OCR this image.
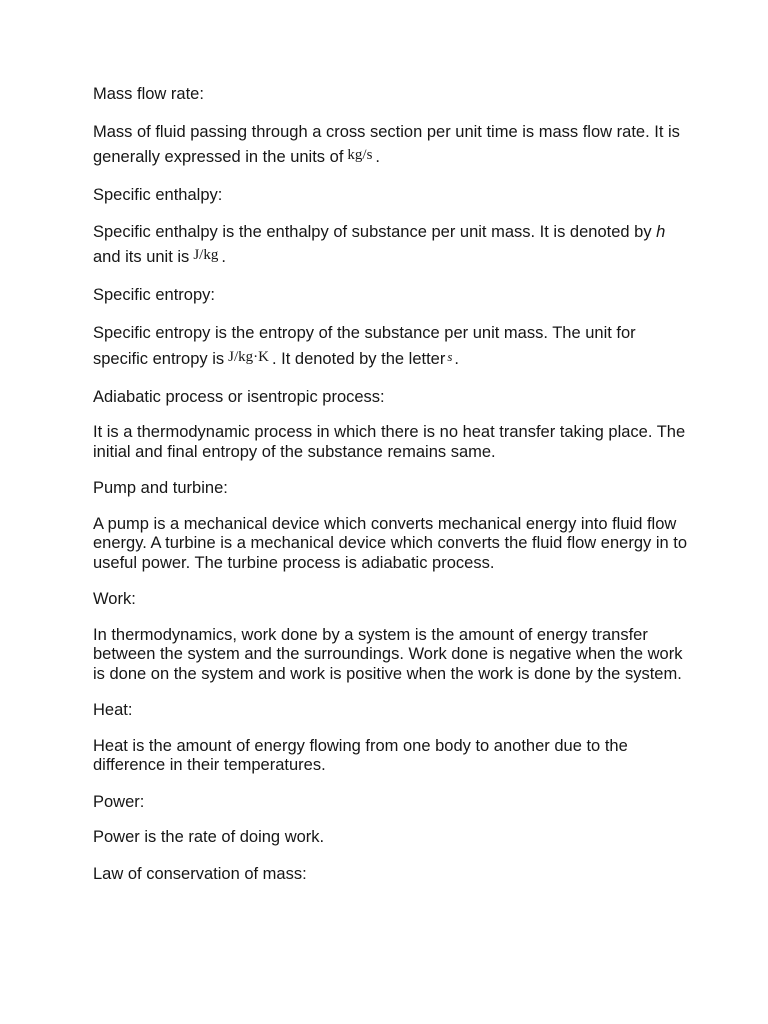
Mass flow rate:

Mass of fluid passing through a cross section per unit time is mass flow rate. It is generally expressed in the units of kg/s .

Specific enthalpy:

Specific enthalpy is the enthalpy of substance per unit mass. It is denoted by h and its unit is J/kg .

Specific entropy:

Specific entropy is the entropy of the substance per unit mass. The unit for specific entropy is J/kg·K . It denoted by the letter s .

Adiabatic process or isentropic process:

It is a thermodynamic process in which there is no heat transfer taking place. The initial and final entropy of the substance remains same.

Pump and turbine:

A pump is a mechanical device which converts mechanical energy into fluid flow energy. A turbine is a mechanical device which converts the fluid flow energy in to useful power. The turbine process is adiabatic process.

Work:

In thermodynamics, work done by a system is the amount of energy transfer between the system and the surroundings. Work done is negative when the work is done on the system and work is positive when the work is done by the system.

Heat:

Heat is the amount of energy flowing from one body to another due to the difference in their temperatures.

Power:

Power is the rate of doing work.

Law of conservation of mass:
